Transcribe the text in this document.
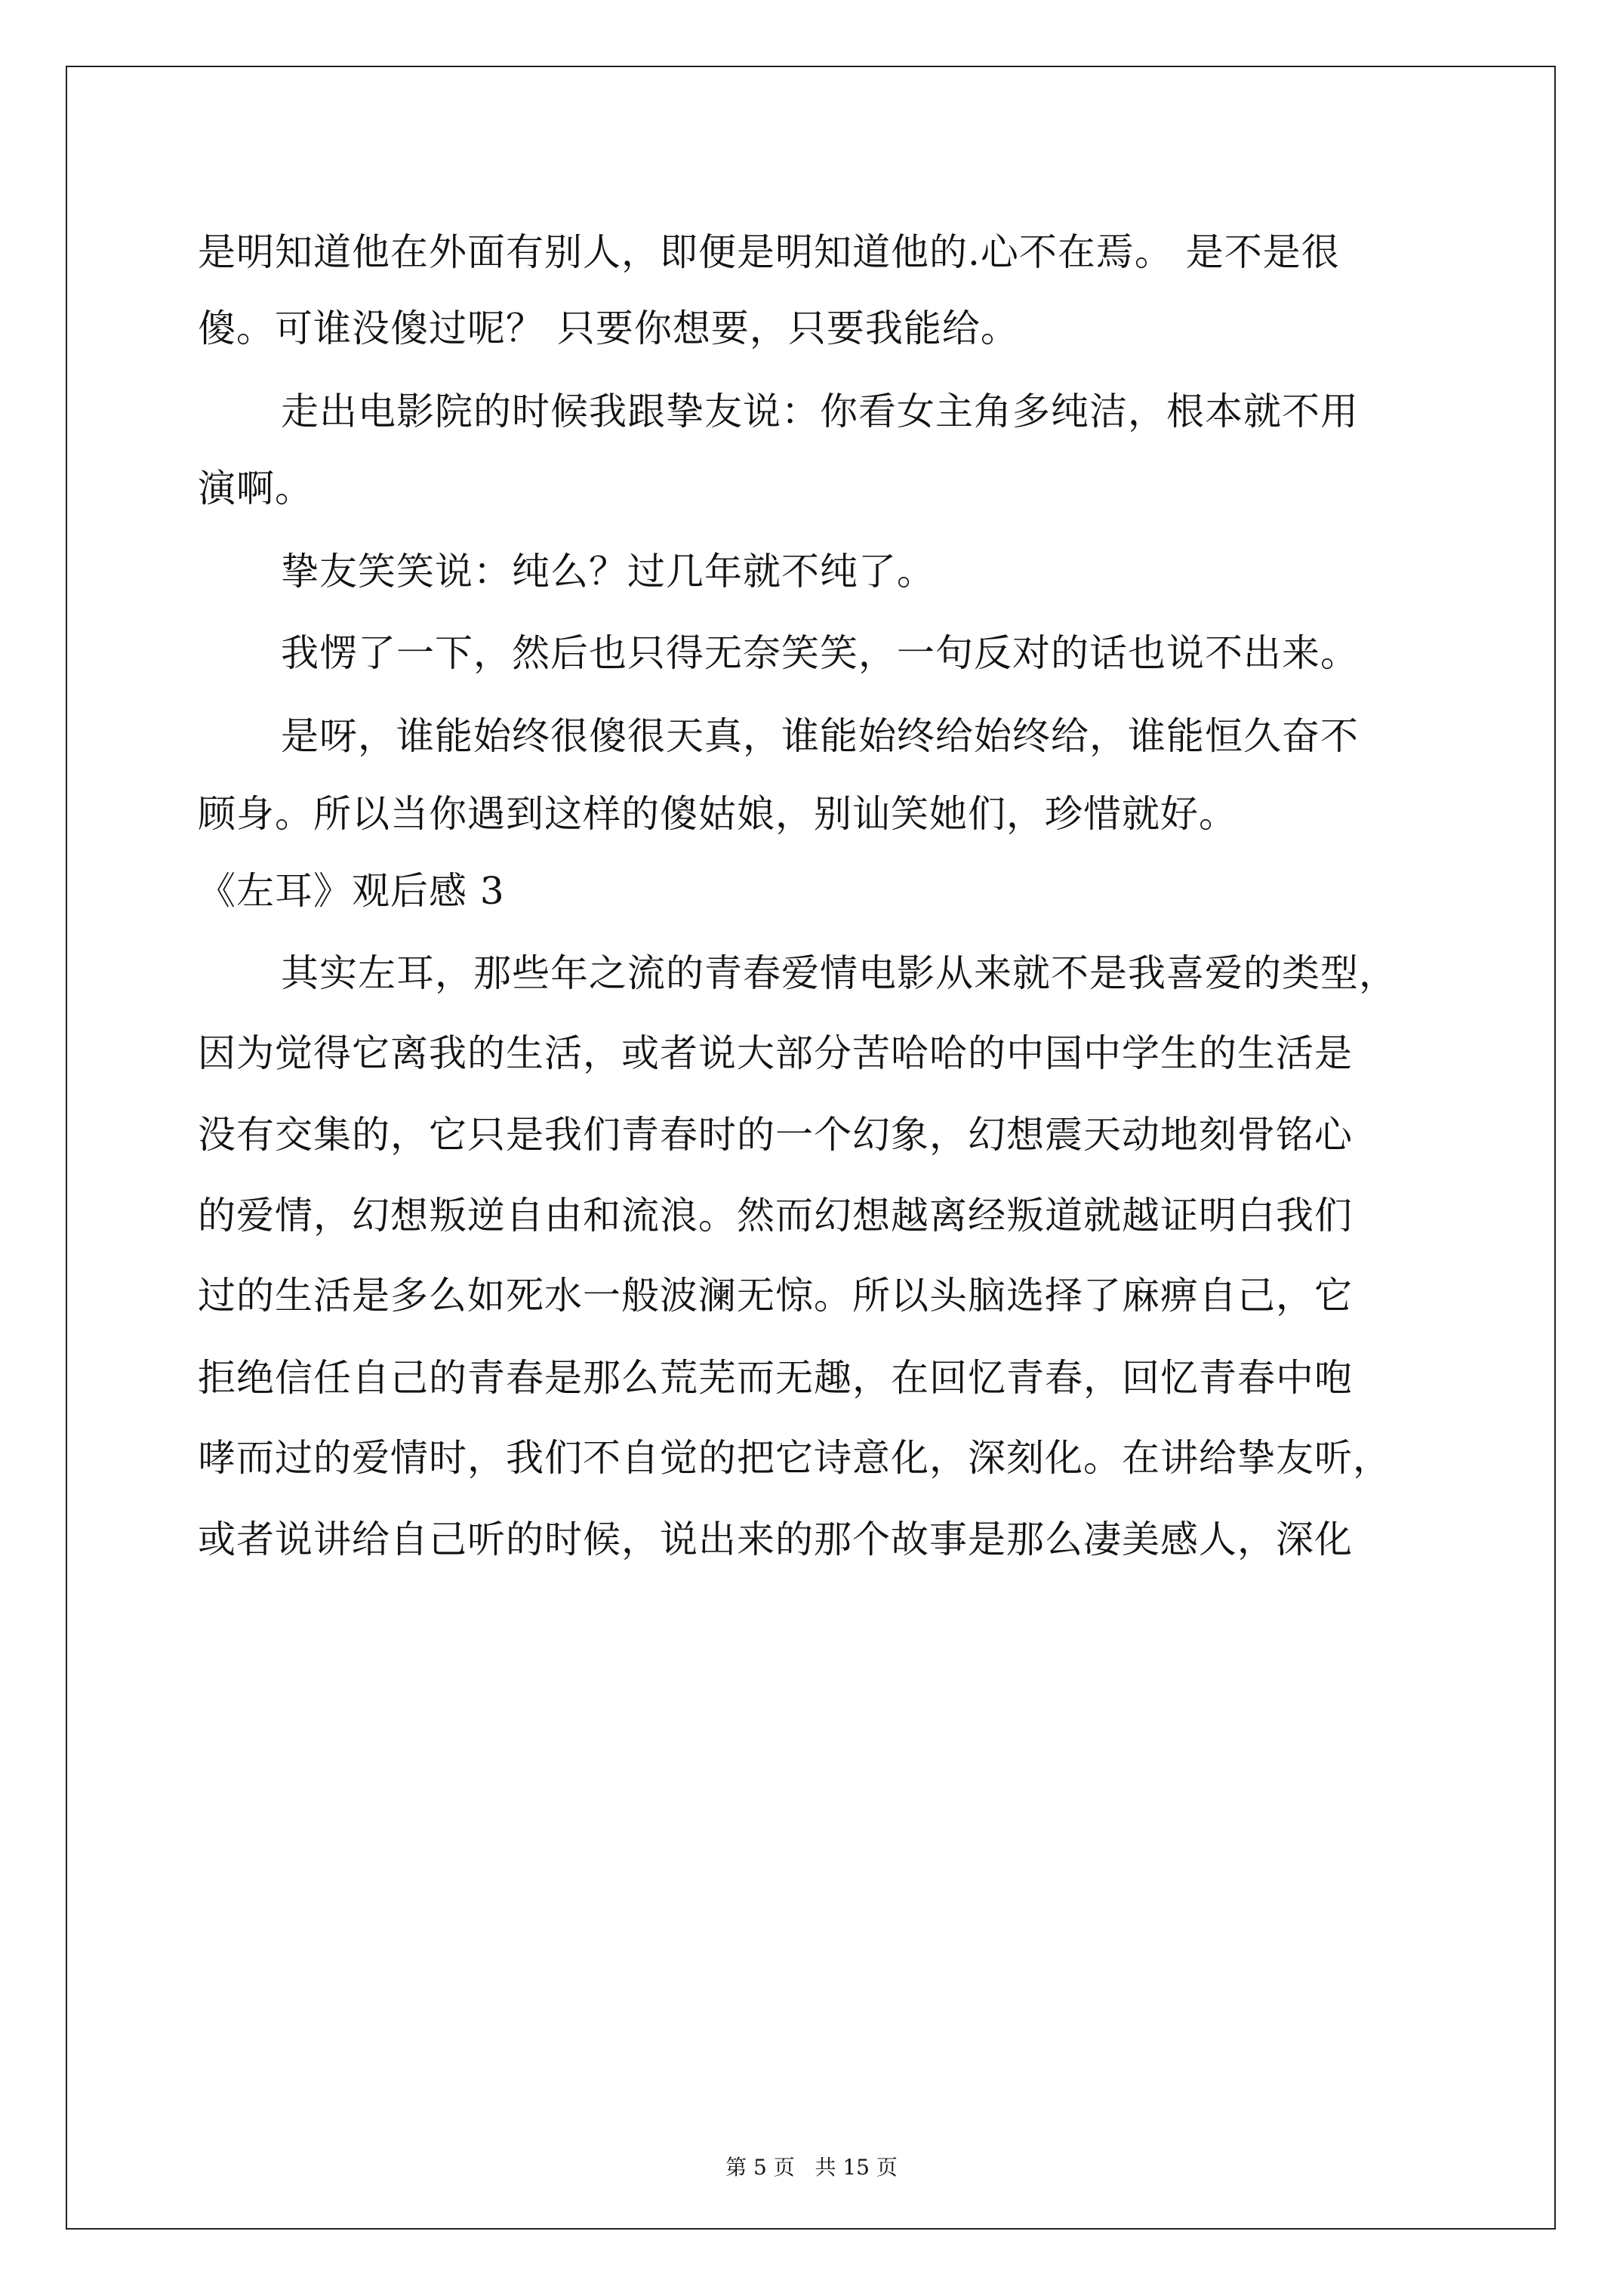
是明知道他在外面有别人，即便是明知道他的.心不在焉。 是不是很
傻。可谁没傻过呢？ 只要你想要，只要我能给。
走出电影院的时候我跟挚友说：你看女主角多纯洁，根本就不用
演啊。
挚友笑笑说：纯么？过几年就不纯了。
我愣了一下，然后也只得无奈笑笑，一句反对的话也说不出来。
是呀，谁能始终很傻很天真，谁能始终给始终给，谁能恒久奋不
顾身。所以当你遇到这样的傻姑娘，别讪笑她们，珍惜就好。
《左耳》观后感 3
其实左耳，那些年之流的青春爱情电影从来就不是我喜爱的类型，
因为觉得它离我的生活，或者说大部分苦哈哈的中国中学生的生活是
没有交集的，它只是我们青春时的一个幻象，幻想震天动地刻骨铭心
的爱情，幻想叛逆自由和流浪。然而幻想越离经叛道就越证明白我们
过的生活是多么如死水一般波澜无惊。所以头脑选择了麻痹自己，它
拒绝信任自己的青春是那么荒芜而无趣，在回忆青春，回忆青春中咆
哮而过的爱情时，我们不自觉的把它诗意化，深刻化。在讲给挚友听，
或者说讲给自己听的时候，说出来的那个故事是那么凄美感人，深化
第 5 页   共 15 页
